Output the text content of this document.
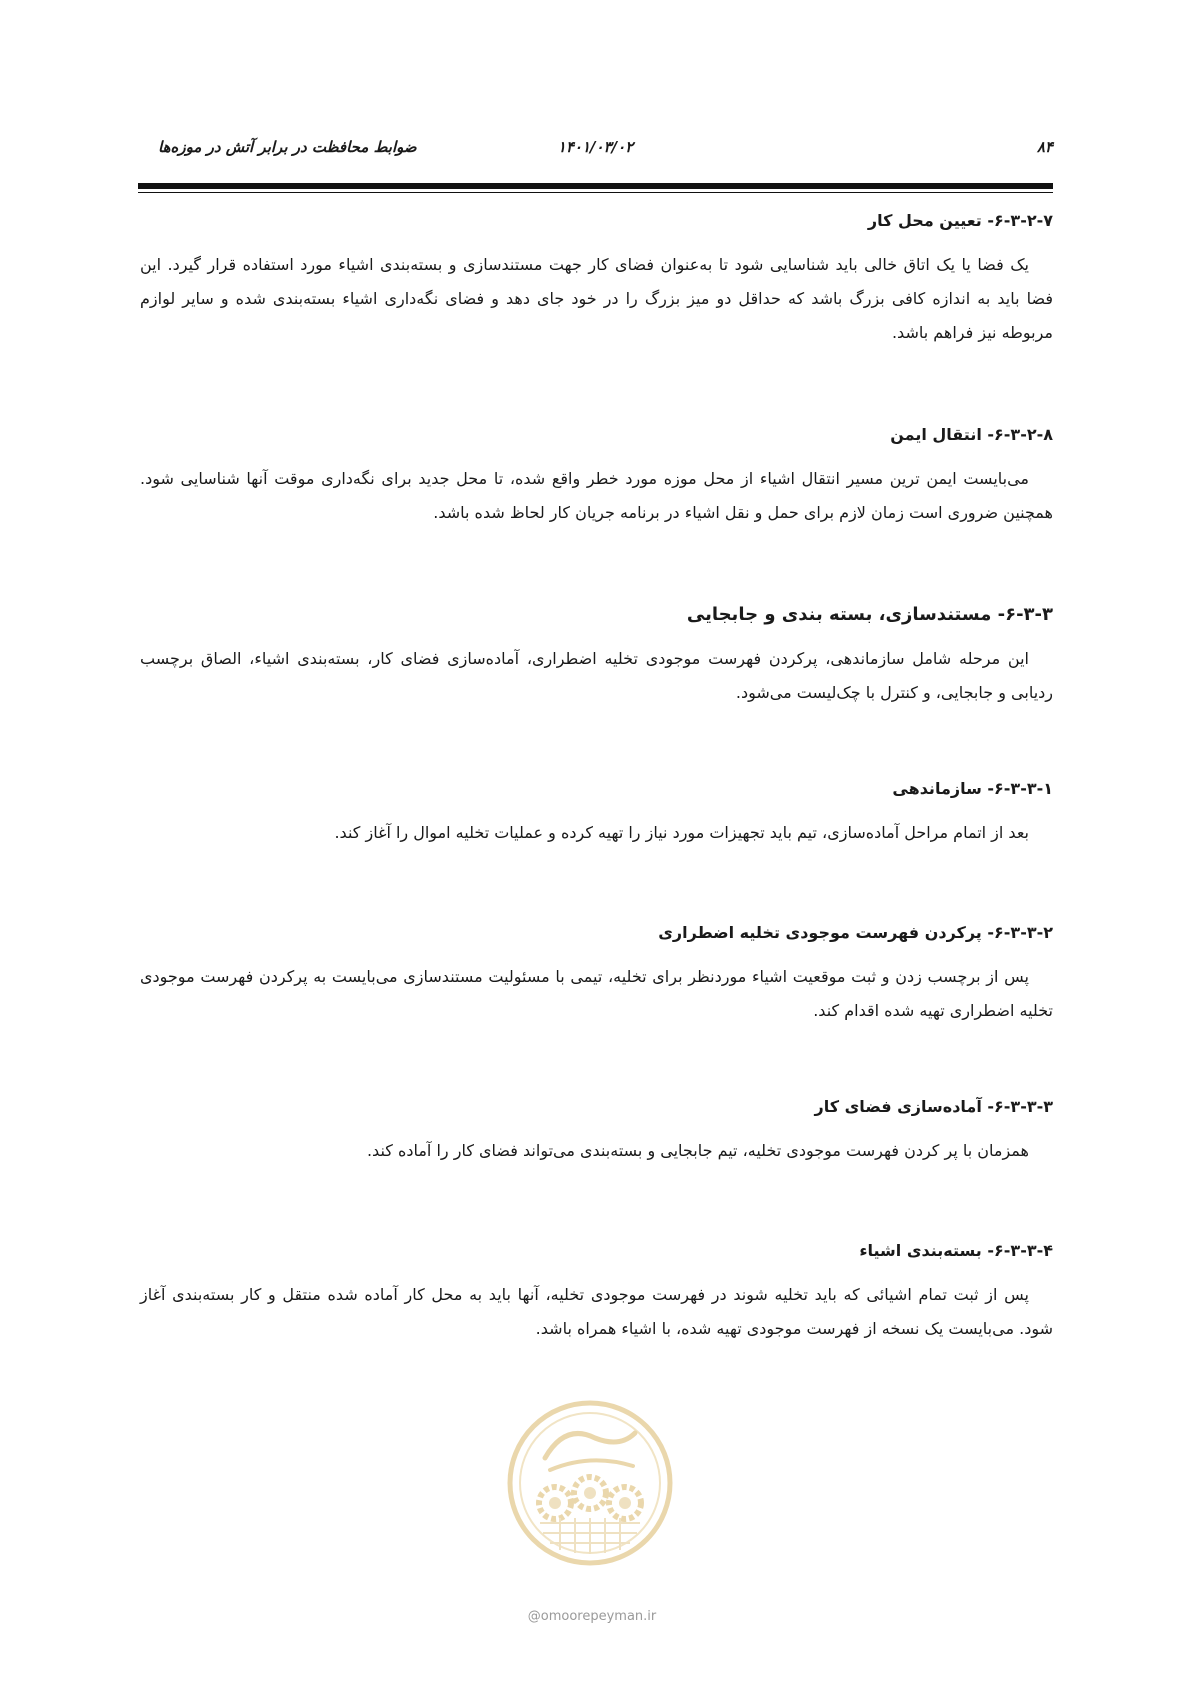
۸۴
۱۴۰۱/۰۳/۰۲
ضوابط محافظت در برابر آتش در موزه‌ها
۶-۳-۲-۷- تعیین محل کار

یک فضا یا یک اتاق خالی باید شناسایی شود تا به‌عنوان فضای کار جهت مستندسازی و بسته‌بندی اشیاء مورد استفاده قرار گیرد. این فضا باید به اندازه کافی بزرگ باشد که حداقل دو میز بزرگ را در خود جای دهد و فضای نگه‌داری اشیاء بسته‌بندی شده و سایر لوازم مربوطه نیز فراهم باشد.

۶-۳-۲-۸- انتقال ایمن

می‌بایست ایمن ترین مسیر انتقال اشیاء از محل موزه مورد خطر واقع شده، تا محل جدید برای نگه‌داری موقت آنها شناسایی شود. همچنین ضروری است زمان لازم برای حمل و نقل اشیاء در برنامه جریان کار لحاظ شده باشد.

۶-۳-۳- مستندسازی، بسته بندی و جابجایی

این مرحله شامل سازماندهی، پرکردن فهرست موجودی تخلیه اضطراری، آماده‌سازی فضای کار، بسته‌بندی اشیاء، الصاق برچسب ردیابی و جابجایی، و کنترل با چک‌لیست می‌شود.

۶-۳-۳-۱- سازماندهی

بعد از اتمام مراحل آماده‌سازی، تیم باید تجهیزات مورد نیاز را تهیه کرده و عملیات تخلیه اموال را آغاز کند.

۶-۳-۳-۲- پرکردن فهرست موجودی تخلیه اضطراری

پس از برچسب زدن و ثبت موقعیت اشیاء موردنظر برای تخلیه، تیمی با مسئولیت مستندسازی می‌بایست به پرکردن فهرست موجودی تخلیه اضطراری تهیه شده اقدام کند.

۶-۳-۳-۳- آماده‌سازی فضای کار

همزمان با پر کردن فهرست موجودی تخلیه، تیم جابجایی و بسته‌بندی می‌تواند فضای کار را آماده کند.

۶-۳-۳-۴- بسته‌بندی اشیاء

پس از ثبت تمام اشیائی که باید تخلیه شوند در فهرست موجودی تخلیه، آنها باید به محل کار آماده شده منتقل و کار بسته‌بندی آغاز شود. می‌بایست یک نسخه از فهرست موجودی تهیه شده، با اشیاء همراه باشد.

@omoorepeyman.ir
